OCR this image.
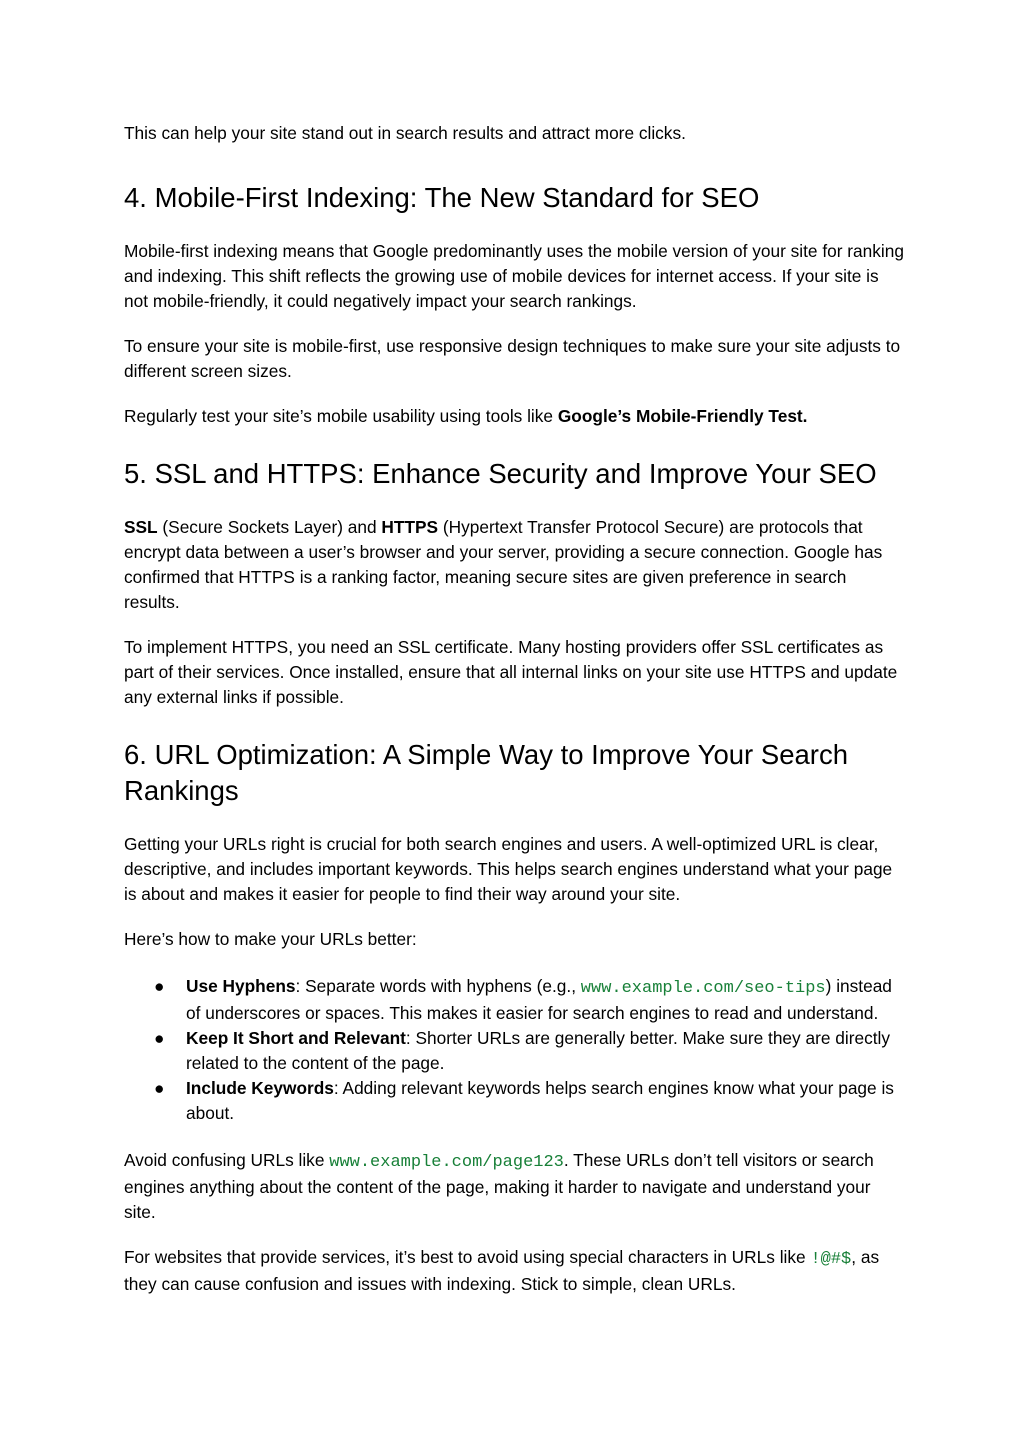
This can help your site stand out in search results and attract more clicks.

4. Mobile-First Indexing: The New Standard for SEO

Mobile-first indexing means that Google predominantly uses the mobile version of your site for ranking and indexing. This shift reflects the growing use of mobile devices for internet access. If your site is not mobile-friendly, it could negatively impact your search rankings.

To ensure your site is mobile-first, use responsive design techniques to make sure your site adjusts to different screen sizes.

Regularly test your site’s mobile usability using tools like Google’s Mobile-Friendly Test.

5. SSL and HTTPS: Enhance Security and Improve Your SEO

SSL (Secure Sockets Layer) and HTTPS (Hypertext Transfer Protocol Secure) are protocols that encrypt data between a user’s browser and your server, providing a secure connection. Google has confirmed that HTTPS is a ranking factor, meaning secure sites are given preference in search results.

To implement HTTPS, you need an SSL certificate. Many hosting providers offer SSL certificates as part of their services. Once installed, ensure that all internal links on your site use HTTPS and update any external links if possible.

6. URL Optimization: A Simple Way to Improve Your Search Rankings

Getting your URLs right is crucial for both search engines and users. A well-optimized URL is clear, descriptive, and includes important keywords. This helps search engines understand what your page is about and makes it easier for people to find their way around your site.

Here’s how to make your URLs better:

● Use Hyphens: Separate words with hyphens (e.g., www.example.com/seo-tips) instead of underscores or spaces. This makes it easier for search engines to read and understand.
● Keep It Short and Relevant: Shorter URLs are generally better. Make sure they are directly related to the content of the page.
● Include Keywords: Adding relevant keywords helps search engines know what your page is about.

Avoid confusing URLs like www.example.com/page123. These URLs don’t tell visitors or search engines anything about the content of the page, making it harder to navigate and understand your site.

For websites that provide services, it’s best to avoid using special characters in URLs like !@#$, as they can cause confusion and issues with indexing. Stick to simple, clean URLs.
